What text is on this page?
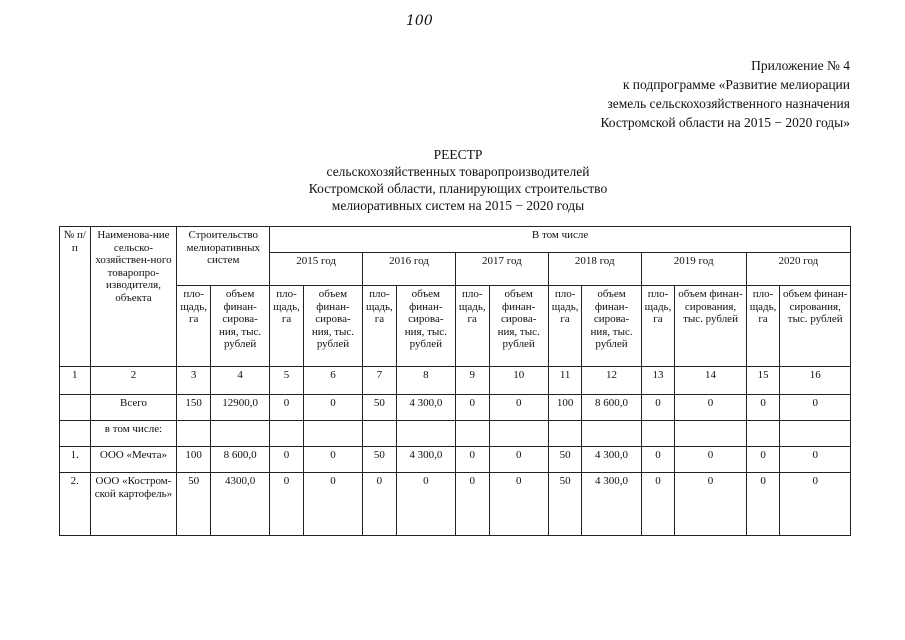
100
Приложение № 4
к подпрограмме «Развитие мелиорации
земель сельскохозяйственного назначения
Костромской области на 2015 − 2020 годы»
РЕЕСТР
сельскохозяйственных товаропроизводителей
Костромской области, планирующих строительство
мелиоративных систем на 2015 − 2020 годы
№ п/п	Наименова-ние сельско-хозяйствен-ного товаропро-изводителя, объекта	Строительство мелиоративных систем		В том числе											
				2015 год		2016 год		2017 год		2018 год		2019 год		2020 год	
		пло-щадь, га	объем финан-сирова-ния, тыс. рублей	пло-щадь, га	объем финан-сирова-ния, тыс. рублей	пло-щадь, га	объем финан-сирова-ния, тыс. рублей	пло-щадь, га	объем финан-сирова-ния, тыс. рублей	пло-щадь, га	объем финан-сирова-ния, тыс. рублей	пло-щадь, га	объем финан-сирования, тыс. рублей	пло-щадь, га	объем финан-сирования, тыс. рублей
1	2	3	4	5	6	7	8	9	10	11	12	13	14	15	16
	Всего	150	12900,0	0	0	50	4 300,0	0	0	100	8 600,0	0	0	0	0
	в том числе:														
1.	ООО «Мечта»	100	8 600,0	0	0	50	4 300,0	0	0	50	4 300,0	0	0	0	0
2.	ООО «Костром-ской картофель»	50	4300,0	0	0	0	0	0	0	50	4 300,0	0	0	0	0
